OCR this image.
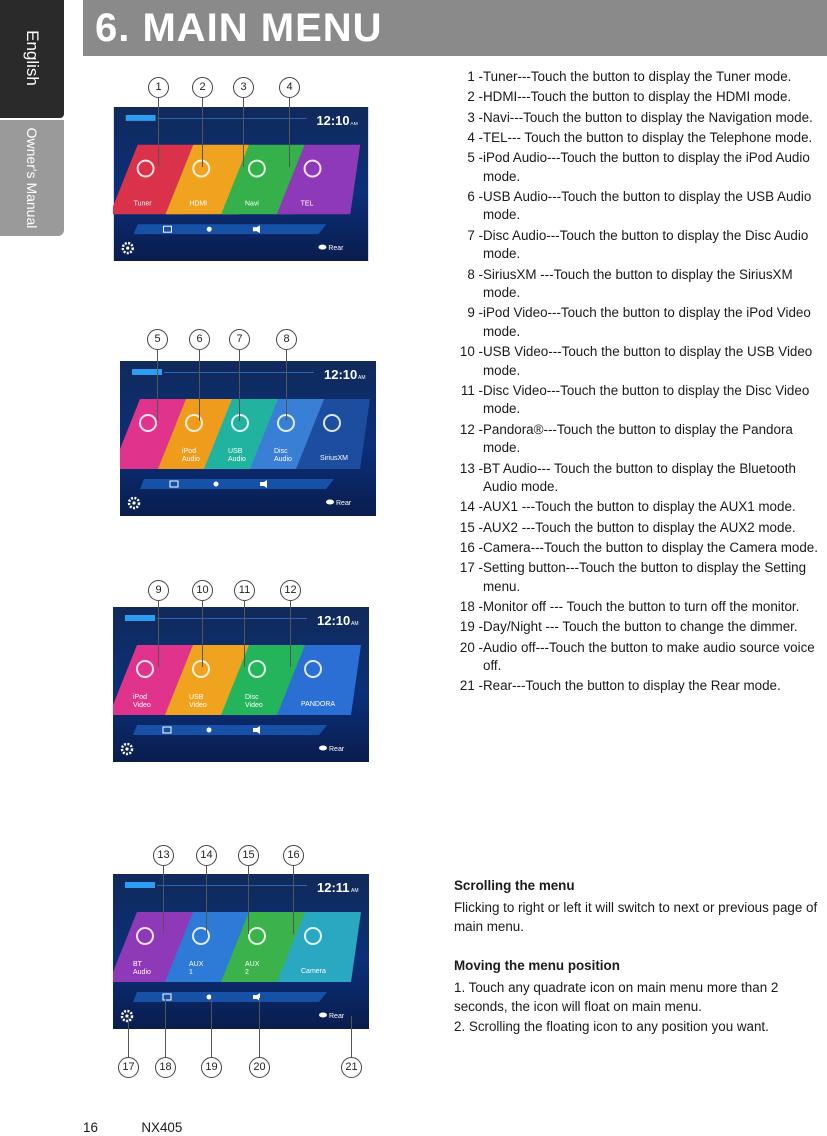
English
Owner's Manual
6. MAIN MENU
12:10 AM
Tuner	HDMI	Navi	TEL
Rear
1	2	3	4
12:10 AM
iPod
Audio
USB
Audio
Disc
Audio	SiriusXM
Rear
5	6	7	8
12:10 AM
iPod
Video
USB
Video
Disc
Video	PANDORA
Rear
9	10	11	12
12:11 AM
BT
Audio
AUX
1
AUX
2	Camera
Rear
13	14	15	16
17	18	19	20	21
1 - Tuner---Touch the button to display the Tuner mode.
2 - HDMI---Touch the button to display the HDMI mode.
3 - Navi---Touch the button to display the Navigation mode.
4 - TEL--- Touch the button to display the Telephone mode.
5 - iPod Audio---Touch the button to display the iPod Audio mode.
6 - USB Audio---Touch the button to display the USB Audio mode.
7 - Disc Audio---Touch the button to display the Disc Audio mode.
8 - SiriusXM ---Touch the button to display the SiriusXM mode.
9 - iPod Video---Touch the button to display the iPod Video mode.
10 - USB Video---Touch the button to display the USB Video mode.
11 - Disc Video---Touch the button to display the Disc Video mode.
12 - Pandora®---Touch the button to display the Pandora mode.
13 - BT Audio--- Touch the button to display the Bluetooth Audio mode.
14 - AUX1 ---Touch the button to display the AUX1 mode.
15 - AUX2 ---Touch the button to display the AUX2 mode.
16 - Camera---Touch the button to display the Camera mode.
17 - Setting button---Touch the button to display the Setting menu.
18 - Monitor off --- Touch the button to turn off the monitor.
19 - Day/Night --- Touch the button to change the dimmer.
20 - Audio off---Touch the button to make audio source voice off.
21 - Rear---Touch the button to display the Rear mode.
Scrolling the menu
Flicking to right or left it will switch to next or previous page of main menu.
Moving the menu position
1. Touch any quadrate icon on main menu more than 2 seconds, the icon will float on main menu.
2. Scrolling the floating icon to any position you want.
16	NX405
